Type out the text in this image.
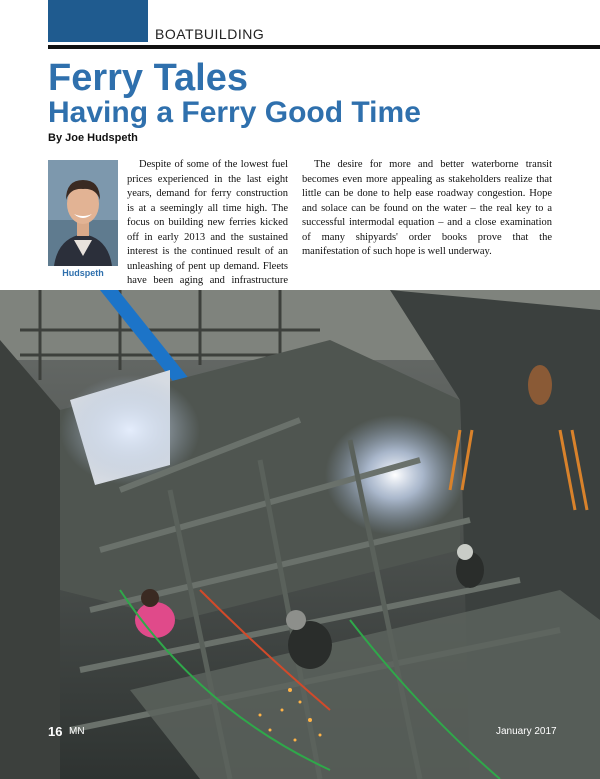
BOATBUILDING
Ferry Tales
Having a Ferry Good Time
By Joe Hudspeth
Hudspeth

Despite of some of the lowest fuel prices experienced in the last eight years, demand for ferry construction is at a seemingly all time high. The focus on building new ferries kicked off in early 2013 and the sustained interest is the continued result of an unleashing of pent up demand. Fleets have been aging and infrastructure

The desire for more and better waterborne transit becomes even more appealing as stakeholders realize that little can be done to help ease roadway congestion. Hope and solace can be found on the water – the real key to a successful intermodal equation – and a close examination of many shipyards' order books prove that the manifestation of such hope is well underway.

16 MN	January 2017
